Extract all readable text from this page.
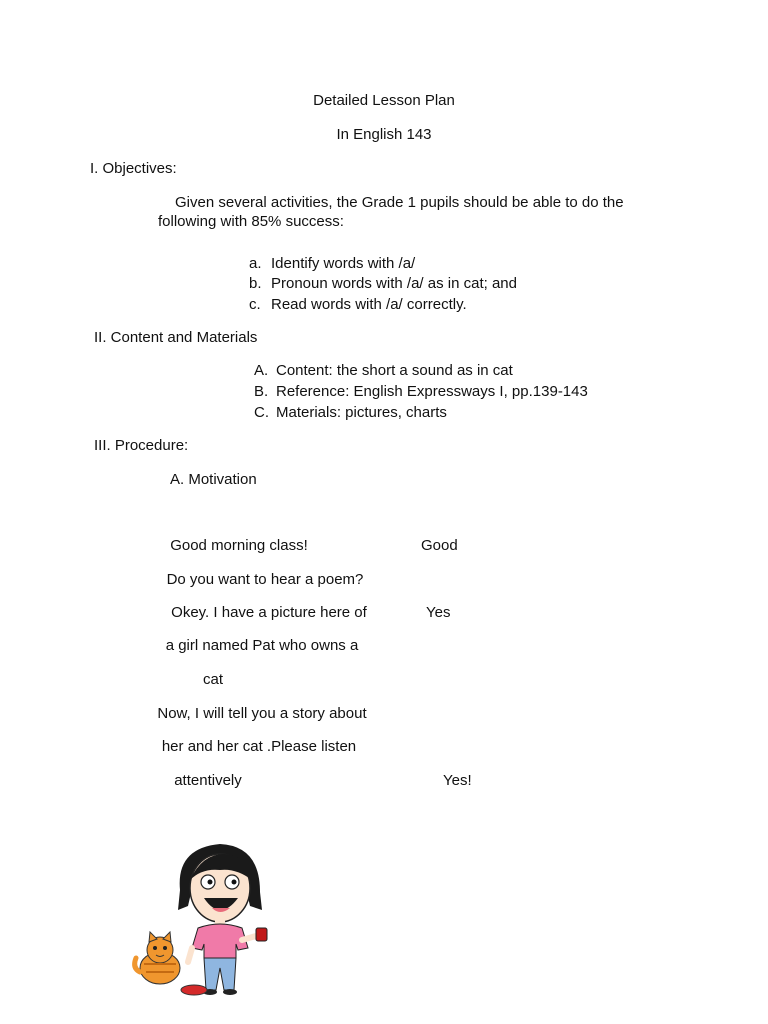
Detailed Lesson Plan
In English 143
I. Objectives:
Given several activities, the Grade 1 pupils should be able to do the
following with 85% success:
a. Identify words with /a/
b. Pronoun words with /a/ as in cat; and
c. Read words with /a/ correctly.
II. Content and Materials
A. Content: the short a sound as in cat
B. Reference: English Expressways I, pp.139-143
C. Materials: pictures, charts
III. Procedure:
A. Motivation
Good morning class!
Do you want to hear a poem?
Okey. I have a picture here of
a girl named Pat who owns a
cat
Now, I will tell you a story about
her and her cat .Please listen
attentively
Good
Yes
Yes!
